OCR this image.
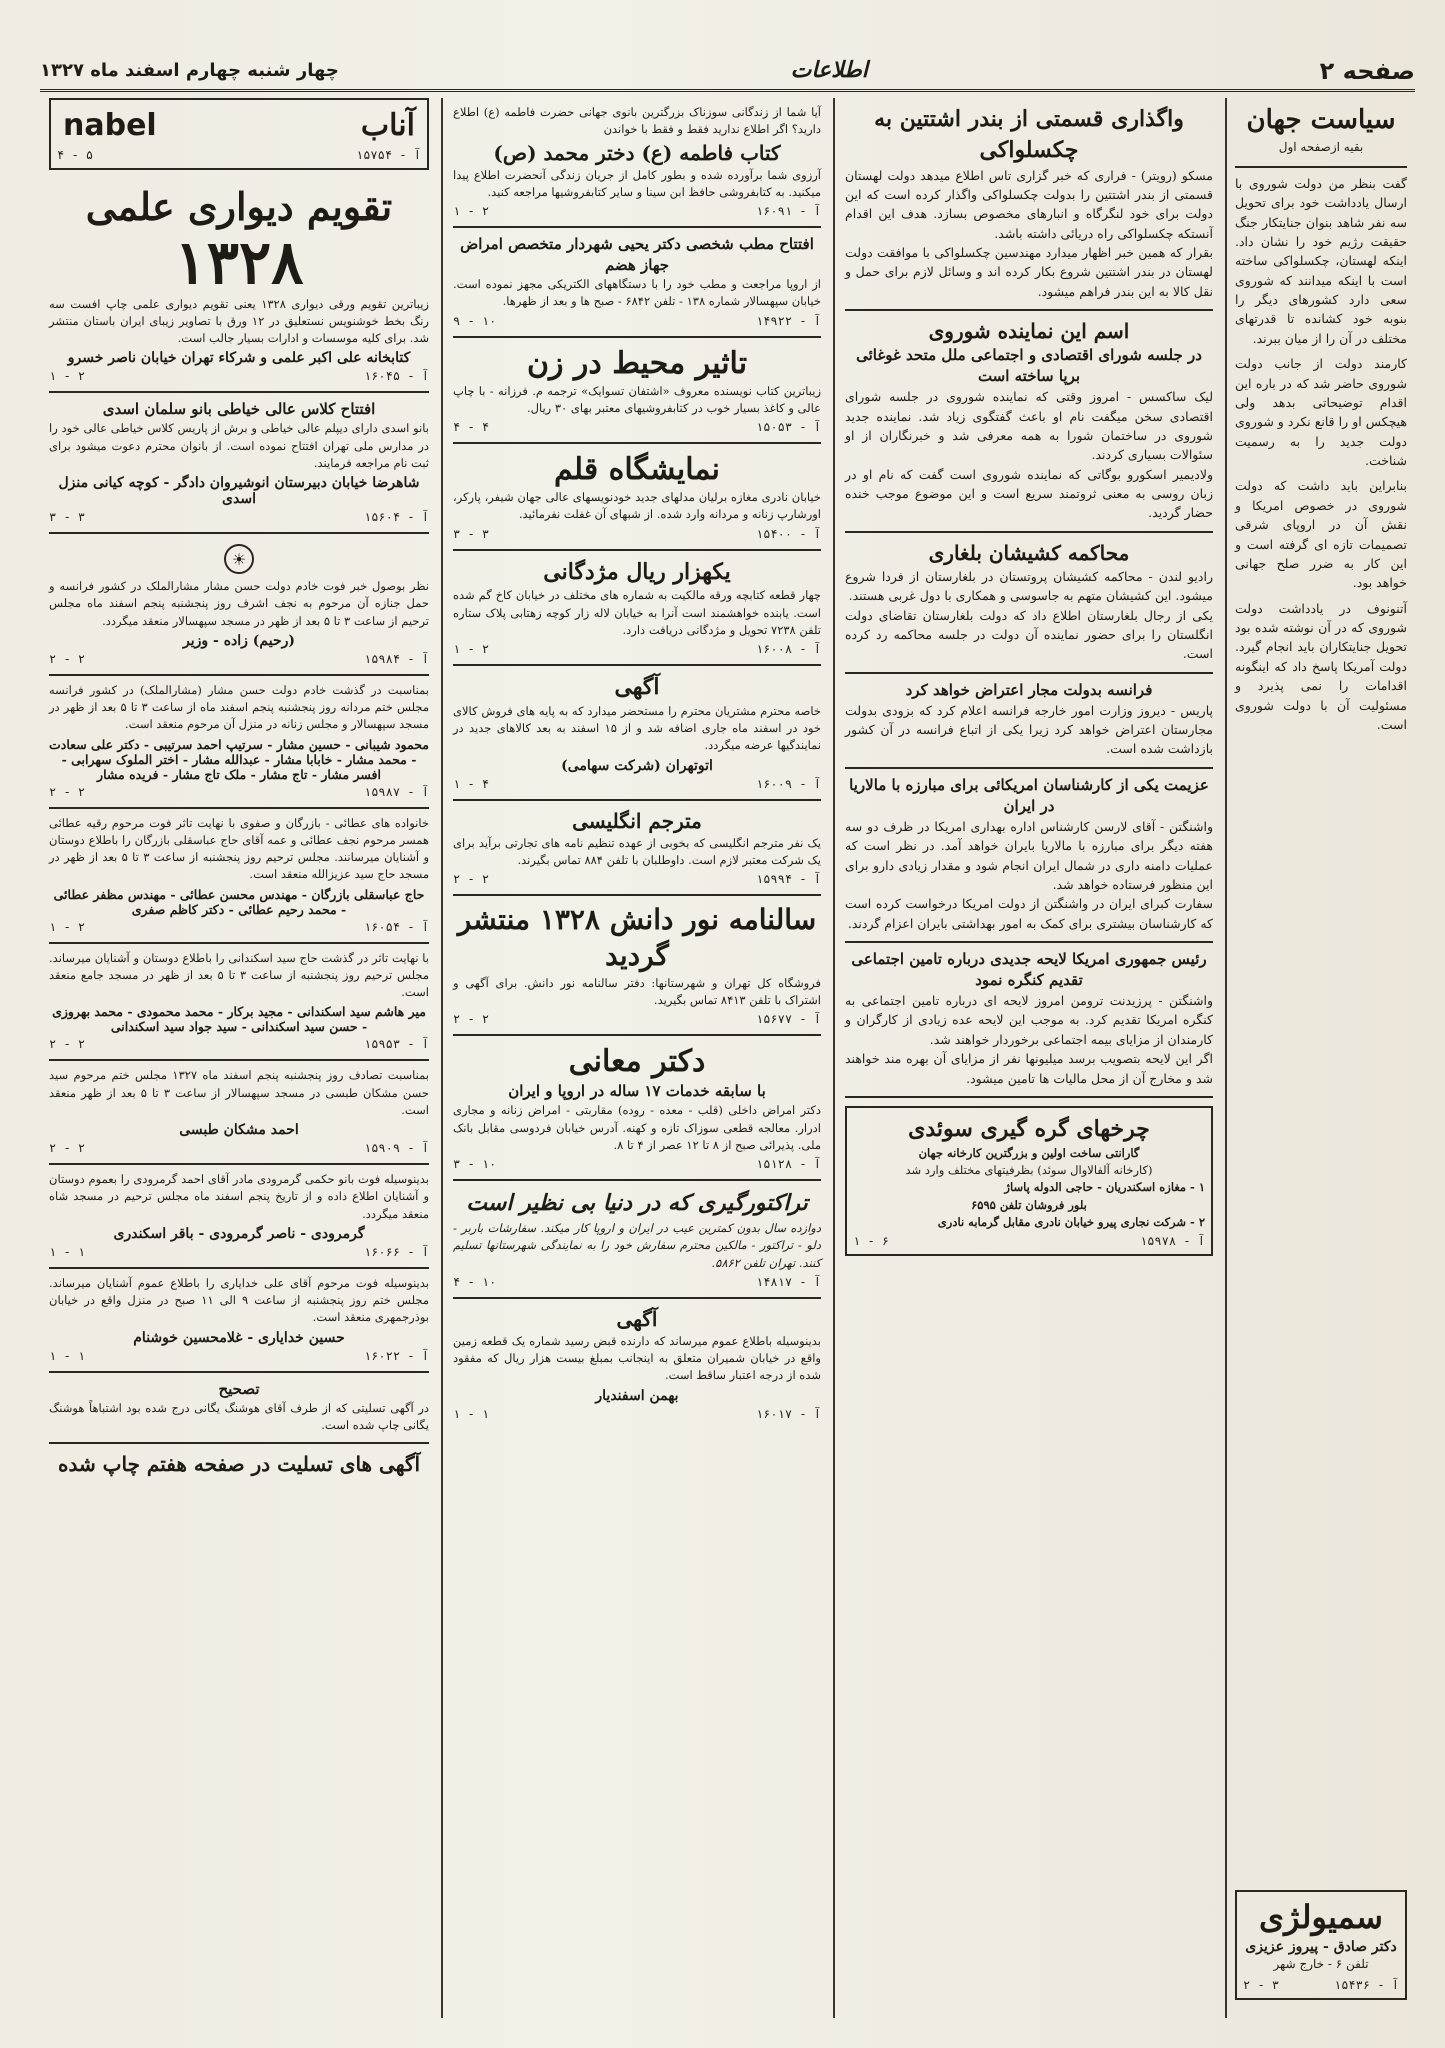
صفحه ۲
اطلاعات
چهار شنبه چهارم اسفند ماه ۱۳۲۷
سیاست جهان
بقیه ازصفحه اول

گفت بنظر من دولت شوروی با ارسال یادداشت خود برای تحویل سه نفر شاهد بنوان جنایتکار جنگ حقیقت رژیم خود را نشان داد. اینکه لهستان، چکسلواکی ساخته است با اینکه میدانند که شوروی سعی دارد کشورهای دیگر را بنوبه خود کشانده تا قدرتهای مختلف در آن را از میان ببرند.

کارمند دولت از جانب دولت شوروی حاضر شد که در باره این اقدام توضیحاتی بدهد ولی هیچکس او را قانع نکرد و شوروی دولت جدید را به رسمیت شناخت.

بنابراین باید داشت که دولت شوروی در خصوص امریکا و نقش آن در اروپای شرقی تصمیمات تازه ای گرفته است و این کار به ضرر صلح جهانی خواهد بود.

آتنونوف در یادداشت دولت شوروی که در آن نوشته شده بود تحویل جنایتکاران باید انجام گیرد. دولت آمریکا پاسخ داد که اینگونه اقدامات را نمی پذیرد و مسئولیت آن با دولت شوروی است.

سمیولژی
دکتر صادق - پیروز عزیزی
تلفن ۶ - خارج شهر
۲ - ۳	آ - ۱۵۴۳۶
واگذاری قسمتی از بندر اشتتین به چکسلواکی

مسکو (رویتر) - فراری که خبر گزاری تاس اطلاع میدهد دولت لهستان قسمتی از بندر اشتتین را بدولت چکسلواکی واگذار کرده است که این دولت برای خود لنگرگاه و انبارهای مخصوص بسازد. هدف این اقدام آنستکه چکسلواکی راه دریائی داشته باشد.

بقرار که همین خبر اظهار میدارد مهندسین چکسلواکی با موافقت دولت لهستان در بندر اشتتین شروع بکار کرده اند و وسائل لازم برای حمل و نقل کالا به این بندر فراهم میشود.

اسم این نماینده شوروی
در جلسه شورای اقتصادی و اجتماعی ملل متحد غوغائی برپا ساخته است

لیک ساکسس - امروز وقتی که نماینده شوروی در جلسه شورای اقتصادی سخن میگفت نام او باعث گفتگوی زیاد شد. نماینده جدید شوروی در ساختمان شورا به همه معرفی شد و خبرنگاران از او سئوالات بسیاری کردند.

ولادیمیر اسکورو بوگاتی که نماینده شوروی است گفت که نام او در زبان روسی به معنی ثروتمند سریع است و این موضوع موجب خنده حضار گردید.

محاکمه کشیشان بلغاری

رادیو لندن - محاکمه کشیشان پروتستان در بلغارستان از فردا شروع میشود. این کشیشان متهم به جاسوسی و همکاری با دول غربی هستند.

یکی از رجال بلغارستان اطلاع داد که دولت بلغارستان تقاضای دولت انگلستان را برای حضور نماینده آن دولت در جلسه محاکمه رد کرده است.

فرانسه بدولت مجار اعتراض خواهد کرد

پاریس - دیروز وزارت امور خارجه فرانسه اعلام کرد که بزودی بدولت مجارستان اعتراض خواهد کرد زیرا یکی از اتباع فرانسه در آن کشور بازداشت شده است.

عزیمت یکی از کارشناسان امریکائی برای مبارزه با مالاریا در ایران

واشنگتن - آقای لارسن کارشناس اداره بهداری امریکا در ظرف دو سه هفته دیگر برای مبارزه با مالاریا بایران خواهد آمد. در نظر است که عملیات دامنه داری در شمال ایران انجام شود و مقدار زیادی دارو برای این منظور فرستاده خواهد شد.

سفارت کبرای ایران در واشنگتن از دولت امریکا درخواست کرده است که کارشناسان بیشتری برای کمک به امور بهداشتی بایران اعزام گردند.

رئیس جمهوری امریکا لایحه جدیدی درباره تامین اجتماعی تقدیم کنگره نمود

واشنگتن - پرزیدنت ترومن امروز لایحه ای درباره تامین اجتماعی به کنگره امریکا تقدیم کرد. به موجب این لایحه عده زیادی از کارگران و کارمندان از مزایای بیمه اجتماعی برخوردار خواهند شد.

اگر این لایحه بتصویب برسد میلیونها نفر از مزایای آن بهره مند خواهند شد و مخارج آن از محل مالیات ها تامین میشود.

چرخهای گره گیری سوئدی
گارانتی ساخت اولین و بزرگترین کارخانه جهان
(کارخانه آلفالاوال سوئد) بظرفیتهای مختلف وارد شد
۱ - مغازه اسکندریان - حاجی الدوله پاساژ
بلور فروشان تلفن ۶۵۹۵
۲ - شرکت نجاری پیرو خیابان نادری مقابل گرمابه نادری
۱ - ۶	آ - ۱۵۹۷۸

آیا شما از زندگانی سوزناک بزرگترین بانوی جهانی حضرت فاطمه (ع) اطلاع دارید؟ اگر اطلاع ندارید فقط و فقط با خواندن

کتاب فاطمه (ع) دختر محمد (ص)

آرزوی شما برآورده شده و بطور کامل از جریان زندگی آنحضرت اطلاع پیدا میکنید. به کتابفروشی حافظ ابن سینا و سایر کتابفروشیها مراجعه کنید.

۱ - ۲	آ - ۱۶۰۹۱
افتتاح مطب شخصی دکتر یحیی شهردار متخصص امراض جهاز هضم

از اروپا مراجعت و مطب خود را با دستگاههای الکتریکی مجهز نموده است. خیابان سپهسالار شماره ۱۳۸ - تلفن ۶۸۴۲ - صبح ها و بعد از ظهرها.

۹ - ۱۰	آ - ۱۴۹۲۲
تاثیر محیط در زن

زیباترین کتاب نویسنده معروف «اشتفان تسوایک» ترجمه م. فرزانه - با چاپ عالی و کاغذ بسیار خوب در کتابفروشیهای معتبر بهای ۳۰ ریال.

۴ - ۴	آ - ۱۵۰۵۳
نمایشگاه قلم

خیابان نادری مغازه برلیان مدلهای جدید خودنویسهای عالی جهان شیفر، پارکر، اورشارپ زنانه و مردانه وارد شده. از شبهای آن غفلت نفرمائید.

۳ - ۳	آ - ۱۵۴۰۰
یکهزار ریال مژدگانی

چهار قطعه کتابچه ورقه مالکیت به شماره های مختلف در خیابان کاخ گم شده است. یابنده خواهشمند است آنرا به خیابان لاله زار کوچه زهتابی پلاک ستاره تلفن ۷۲۳۸ تحویل و مژدگانی دریافت دارد.

۱ - ۲	آ - ۱۶۰۰۸
آگهی

خاصه محترم مشتریان محترم را مستحضر میدارد که به پایه های فروش کالای خود در اسفند ماه جاری اضافه شد و از ۱۵ اسفند به بعد کالاهای جدید در نمایندگیها عرضه میگردد.

اتوتهران (شرکت سهامی)
۱ - ۴	آ - ۱۶۰۰۹
مترجم انگلیسی

یک نفر مترجم انگلیسی که بخوبی از عهده تنظیم نامه های تجارتی برآید برای یک شرکت معتبر لازم است. داوطلبان با تلفن ۸۸۴ تماس بگیرند.

۲ - ۲	آ - ۱۵۹۹۴
سالنامه نور دانش ۱۳۲۸ منتشر گردید

فروشگاه کل تهران و شهرستانها: دفتر سالنامه نور دانش. برای آگهی و اشتراک با تلفن ۸۴۱۳ تماس بگیرید.

۲ - ۲	آ - ۱۵۶۷۷
دکتر معانی
با سابقه خدمات ۱۷ ساله در اروپا و ایران

دکتر امراض داخلی (قلب - معده - روده) مقاربتی - امراض زنانه و مجاری ادرار. معالجه قطعی سوزاک تازه و کهنه. آدرس خیابان فردوسی مقابل بانک ملی. پذیرائی صبح از ۸ تا ۱۲ عصر از ۴ تا ۸.

۳ - ۱۰	آ - ۱۵۱۲۸
تراکتورگیری که در دنیا بی نظیر است

دوازده سال بدون کمترین عیب در ایران و اروپا کار میکند. سفارشات باربر - دلو - تراکتور - مالکین محترم سفارش خود را به نمایندگی شهرستانها تسلیم کنند. تهران تلفن ۵۸۶۲.

۴ - ۱۰	آ - ۱۴۸۱۷
آگهی

بدینوسیله باطلاع عموم میرساند که دارنده قبض رسید شماره یک قطعه زمین واقع در خیابان شمیران متعلق به اینجانب بمبلغ بیست هزار ریال که مفقود شده از درجه اعتبار ساقط است.

بهمن اسفندیار
۱ - ۱	آ - ۱۶۰۱۷
آناب
nabel
۴ - ۵	آ - ۱۵۷۵۴
تقویم دیواری علمی
۱۳۲۸

زیباترین تقویم ورقی دیواری ۱۳۲۸ یعنی تقویم دیواری علمی چاپ افست سه رنگ بخط خوشنویس نستعلیق در ۱۲ ورق با تصاویر زیبای ایران باستان منتشر شد. برای کلیه موسسات و ادارات بسیار جالب است.

کتابخانه علی اکبر علمی و شرکاء تهران خیابان ناصر خسرو
۱ - ۲	آ - ۱۶۰۴۵
افتتاح کلاس عالی خیاطی بانو سلمان اسدی

بانو اسدی دارای دیپلم عالی خیاطی و برش از پاریس کلاس خیاطی عالی خود را در مدارس ملی تهران افتتاح نموده است. از بانوان محترم دعوت میشود برای ثبت نام مراجعه فرمایند.

شاهرضا خیابان دبیرستان انوشیروان دادگر - کوچه کیانی منزل اسدی
۳ - ۳	آ - ۱۵۶۰۴
☀

نظر بوصول خبر فوت خادم دولت حسن مشار مشارالملک در کشور فرانسه و حمل جنازه آن مرحوم به نجف اشرف روز پنجشنبه پنجم اسفند ماه مجلس ترحیم از ساعت ۳ تا ۵ بعد از ظهر در مسجد سپهسالار منعقد میگردد.

(رحیم) زاده - وزیر
۲ - ۲	آ - ۱۵۹۸۴

بمناسبت در گذشت خادم دولت حسن مشار (مشارالملک) در کشور فرانسه مجلس ختم مردانه روز پنجشنبه پنجم اسفند ماه از ساعت ۳ تا ۵ بعد از ظهر در مسجد سپهسالار و مجلس زنانه در منزل آن مرحوم منعقد است.

محمود شیبانی - حسین مشار - سرتیپ احمد سرتیبی - دکتر علی سعادت - محمد مشار - خابابا مشار - عبدالله مشار - اختر الملوک سهرابی - افسر مشار - تاج مشار - ملک تاج مشار - فریده مشار
۲ - ۲	آ - ۱۵۹۸۷

خانواده های عطائی - بازرگان و صفوی با نهایت تاثر فوت مرحوم رقیه عطائی همسر مرحوم نجف عطائی و عمه آقای حاج عباسقلی بازرگان را باطلاع دوستان و آشنایان میرسانند. مجلس ترحیم روز پنجشنبه از ساعت ۳ تا ۵ بعد از ظهر در مسجد حاج سید عزیزالله منعقد است.

حاج عباسقلی بازرگان - مهندس محسن عطائی - مهندس مظفر عطائی - محمد رحیم عطائی - دکتر کاظم صفری
۱ - ۲	آ - ۱۶۰۵۴

با نهایت تاثر در گذشت حاج سید اسکندانی را باطلاع دوستان و آشنایان میرساند. مجلس ترحیم روز پنجشنبه از ساعت ۳ تا ۵ بعد از ظهر در مسجد جامع منعقد است.

میر هاشم سید اسکندانی - مجید برکار - محمد محمودی - محمد بهروزی - حسن سید اسکندانی - سید جواد سید اسکندانی
۲ - ۲	آ - ۱۵۹۵۳

بمناسبت تصادف روز پنجشنبه پنجم اسفند ماه ۱۳۲۷ مجلس ختم مرحوم سید حسن مشکان طبسی در مسجد سپهسالار از ساعت ۳ تا ۵ بعد از ظهر منعقد است.

احمد مشکان طبسی
۲ - ۲	آ - ۱۵۹۰۹

بدینوسیله فوت بانو حکمی گرمرودی مادر آقای احمد گرمرودی را بعموم دوستان و آشنایان اطلاع داده و از تاریخ پنجم اسفند ماه مجلس ترحیم در مسجد شاه منعقد میگردد.

گرمرودی - ناصر گرمرودی - باقر اسکندری
۱ - ۱	آ - ۱۶۰۶۶

بدینوسیله فوت مرحوم آقای علی خدایاری را باطلاع عموم آشنایان میرساند. مجلس ختم روز پنجشنبه از ساعت ۹ الی ۱۱ صبح در منزل واقع در خیابان بوذرجمهری منعقد است.

حسین خدایاری - غلامحسین خوشنام
۱ - ۱	آ - ۱۶۰۲۲
تصحیح

در آگهی تسلیتی که از طرف آقای هوشنگ یگانی درج شده بود اشتباهاً هوشنگ یگانی چاپ شده است.

آگهی های تسلیت در صفحه هفتم چاپ شده
